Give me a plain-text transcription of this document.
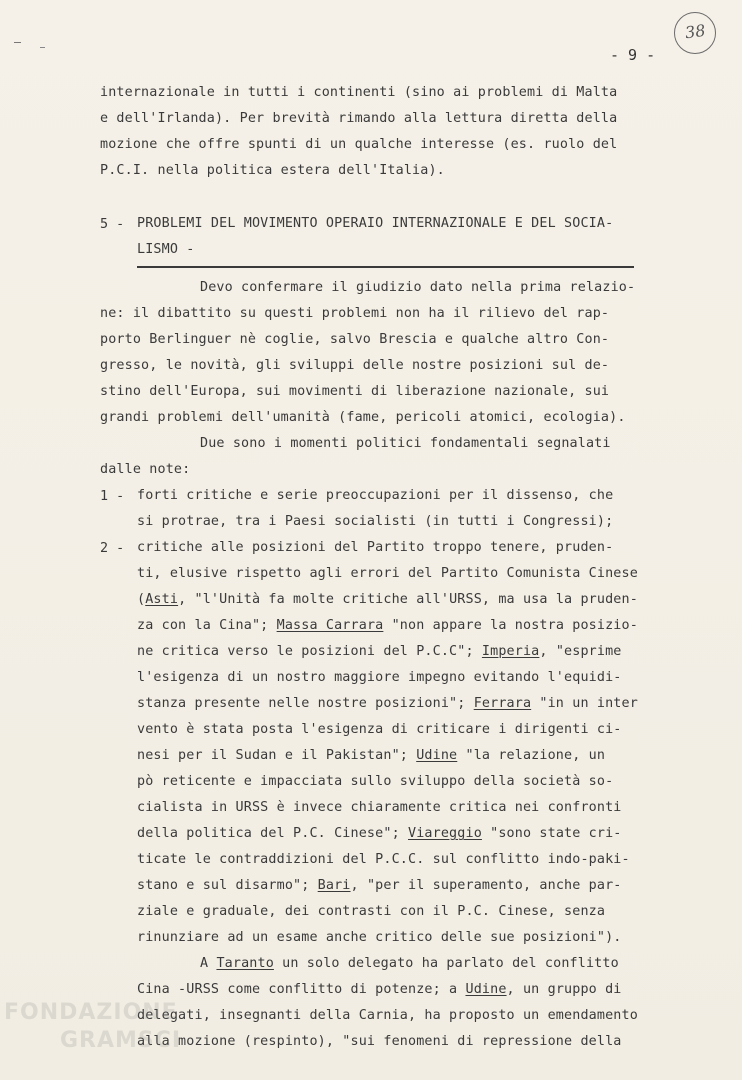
38
- 9 -
internazionale in tutti i continenti (sino ai problemi di Malta
e dell'Irlanda). Per brevità rimando alla lettura diretta della
mozione che offre spunti di un qualche interesse (es. ruolo del
P.C.I. nella politica estera dell'Italia).
5 - PROBLEMI DEL MOVIMENTO OPERAIO INTERNAZIONALE E DEL SOCIA-
LISMO -
Devo confermare il giudizio dato nella prima relazio-
ne: il dibattito su questi problemi non ha il rilievo del rap-
porto Berlinguer nè coglie, salvo Brescia e qualche altro Con-
gresso, le novità, gli sviluppi delle nostre posizioni sul de-
stino dell'Europa, sui movimenti di liberazione nazionale, sui
grandi problemi dell'umanità (fame, pericoli atomici, ecologia).
Due sono i momenti politici fondamentali segnalati
dalle note:
1 - forti critiche e serie preoccupazioni per il dissenso, che
si protrae, tra i Paesi socialisti (in tutti i Congressi);
2 - critiche alle posizioni del Partito troppo tenere, pruden-
ti, elusive rispetto agli errori del Partito Comunista Cinese
(Asti, "l'Unità fa molte critiche all'URSS, ma usa la pruden-
za con la Cina"; Massa Carrara "non appare la nostra posizio-
ne critica verso le posizioni del P.C.C"; Imperia, "esprime
l'esigenza di un nostro maggiore impegno evitando l'equidi-
stanza presente nelle nostre posizioni"; Ferrara "in un inter
vento è stata posta l'esigenza di criticare i dirigenti ci-
nesi per il Sudan e il Pakistan"; Udine "la relazione, un
pò reticente e impacciata sullo sviluppo della società so-
cialista in URSS è invece chiaramente critica nei confronti
della politica del P.C. Cinese"; Viareggio "sono state cri-
ticate le contraddizioni del P.C.C. sul conflitto indo-paki-
stano e sul disarmo"; Bari, "per il superamento, anche par-
ziale e graduale, dei contrasti con il P.C. Cinese, senza
rinunziare ad un esame anche critico delle sue posizioni").
A Taranto un solo delegato ha parlato del conflitto
Cina -URSS come conflitto di potenze; a Udine, un gruppo di
delegati, insegnanti della Carnia, ha proposto un emendamento
alla mozione (respinto), "sui fenomeni di repressione della
FONDAZIONE
GRAMSCI
